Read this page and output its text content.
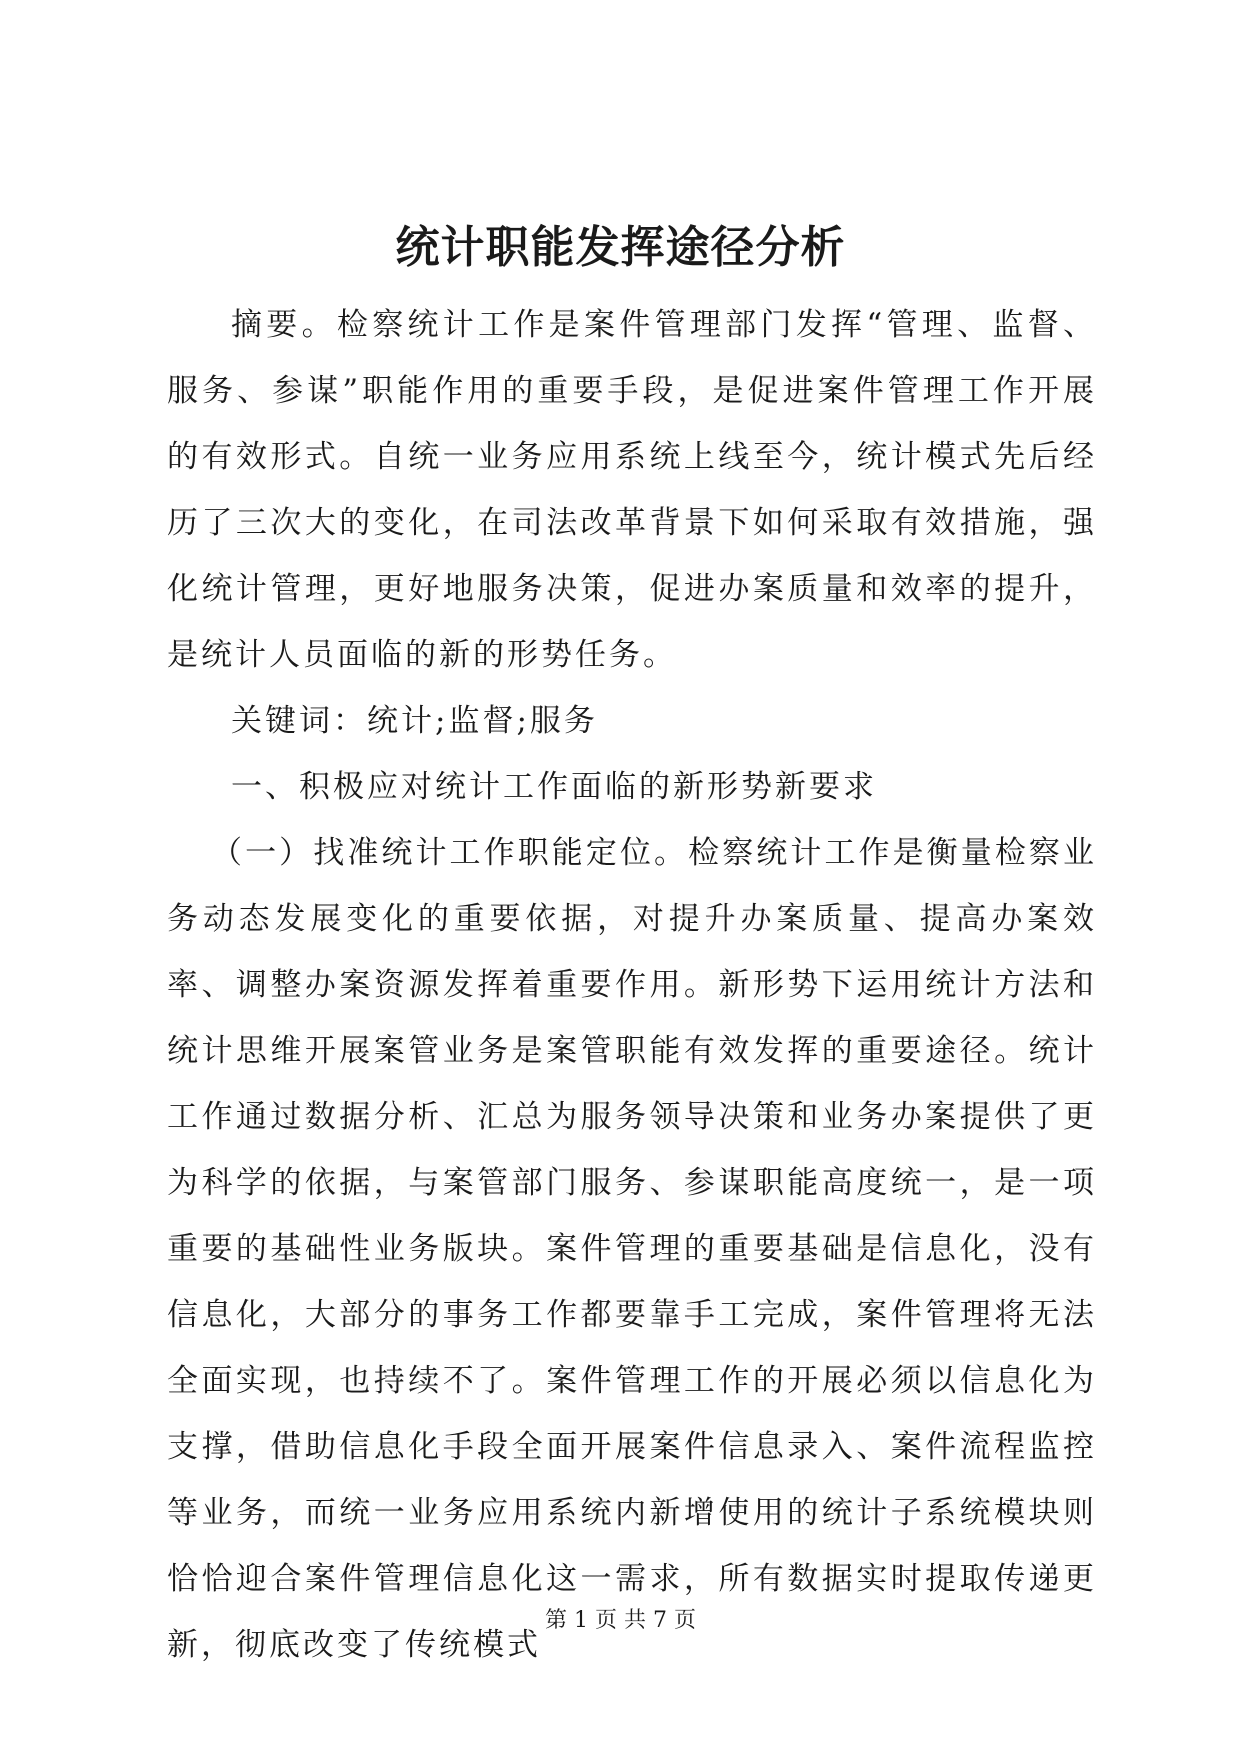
统计职能发挥途径分析

摘要。检察统计工作是案件管理部门发挥“管理、监督、服务、参谋”职能作用的重要手段，是促进案件管理工作开展的有效形式。自统一业务应用系统上线至今，统计模式先后经历了三次大的变化，在司法改革背景下如何采取有效措施，强化统计管理，更好地服务决策，促进办案质量和效率的提升，是统计人员面临的新的形势任务。

关键词：统计;监督;服务

一、积极应对统计工作面临的新形势新要求

（一）找准统计工作职能定位。检察统计工作是衡量检察业务动态发展变化的重要依据，对提升办案质量、提高办案效率、调整办案资源发挥着重要作用。新形势下运用统计方法和统计思维开展案管业务是案管职能有效发挥的重要途径。统计工作通过数据分析、汇总为服务领导决策和业务办案提供了更为科学的依据，与案管部门服务、参谋职能高度统一，是一项重要的基础性业务版块。案件管理的重要基础是信息化，没有信息化，大部分的事务工作都要靠手工完成，案件管理将无法全面实现，也持续不了。案件管理工作的开展必须以信息化为支撑，借助信息化手段全面开展案件信息录入、案件流程监控等业务，而统一业务应用系统内新增使用的统计子系统模块则恰恰迎合案件管理信息化这一需求，所有数据实时提取传递更新，彻底改变了传统模式

第 1 页 共 7 页
